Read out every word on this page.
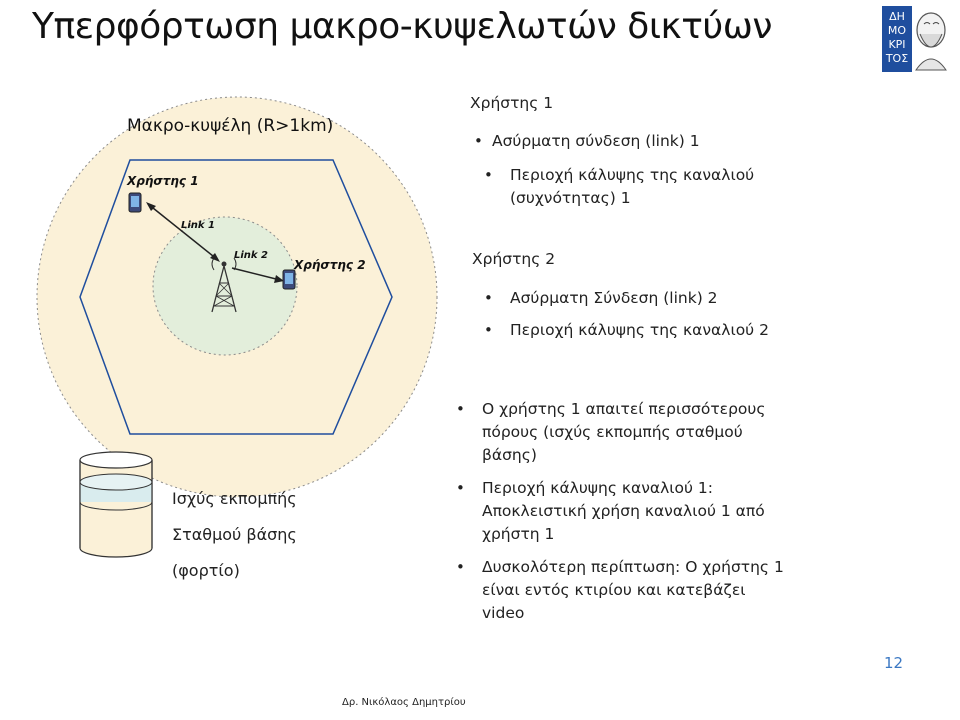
Υπερφόρτωση μακρο-κυψελωτών δικτύων	ΔΗ
ΜΟ
ΚΡΙ
ΤΟΣ
Μακρο-κυψέλη (R>1km)
Χρήστης 1
Χρήστης 2
Link 1
Link 2
Χρήστης 1
• Ασύρματη σύνδεση (link) 1
• Περιοχή κάλυψης της καναλιού (συχνότητας) 1
Χρήστης 2
• Ασύρματη Σύνδεση (link) 2
• Περιοχή κάλυψης της καναλιού 2
• Ο χρήστης 1 απαιτεί περισσότερους πόρους (ισχύς εκπομπής σταθμού βάσης)
• Περιοχή κάλυψης καναλιού 1: Αποκλειστική χρήση καναλιού 1 από χρήστη 1
• Δυσκολότερη περίπτωση: Ο χρήστης 1 είναι εντός κτιρίου και κατεβάζει video
Ισχύς εκπομπής
Σταθμού βάσης
(φορτίο)
12
Δρ. Νικόλαος Δημητρίου
